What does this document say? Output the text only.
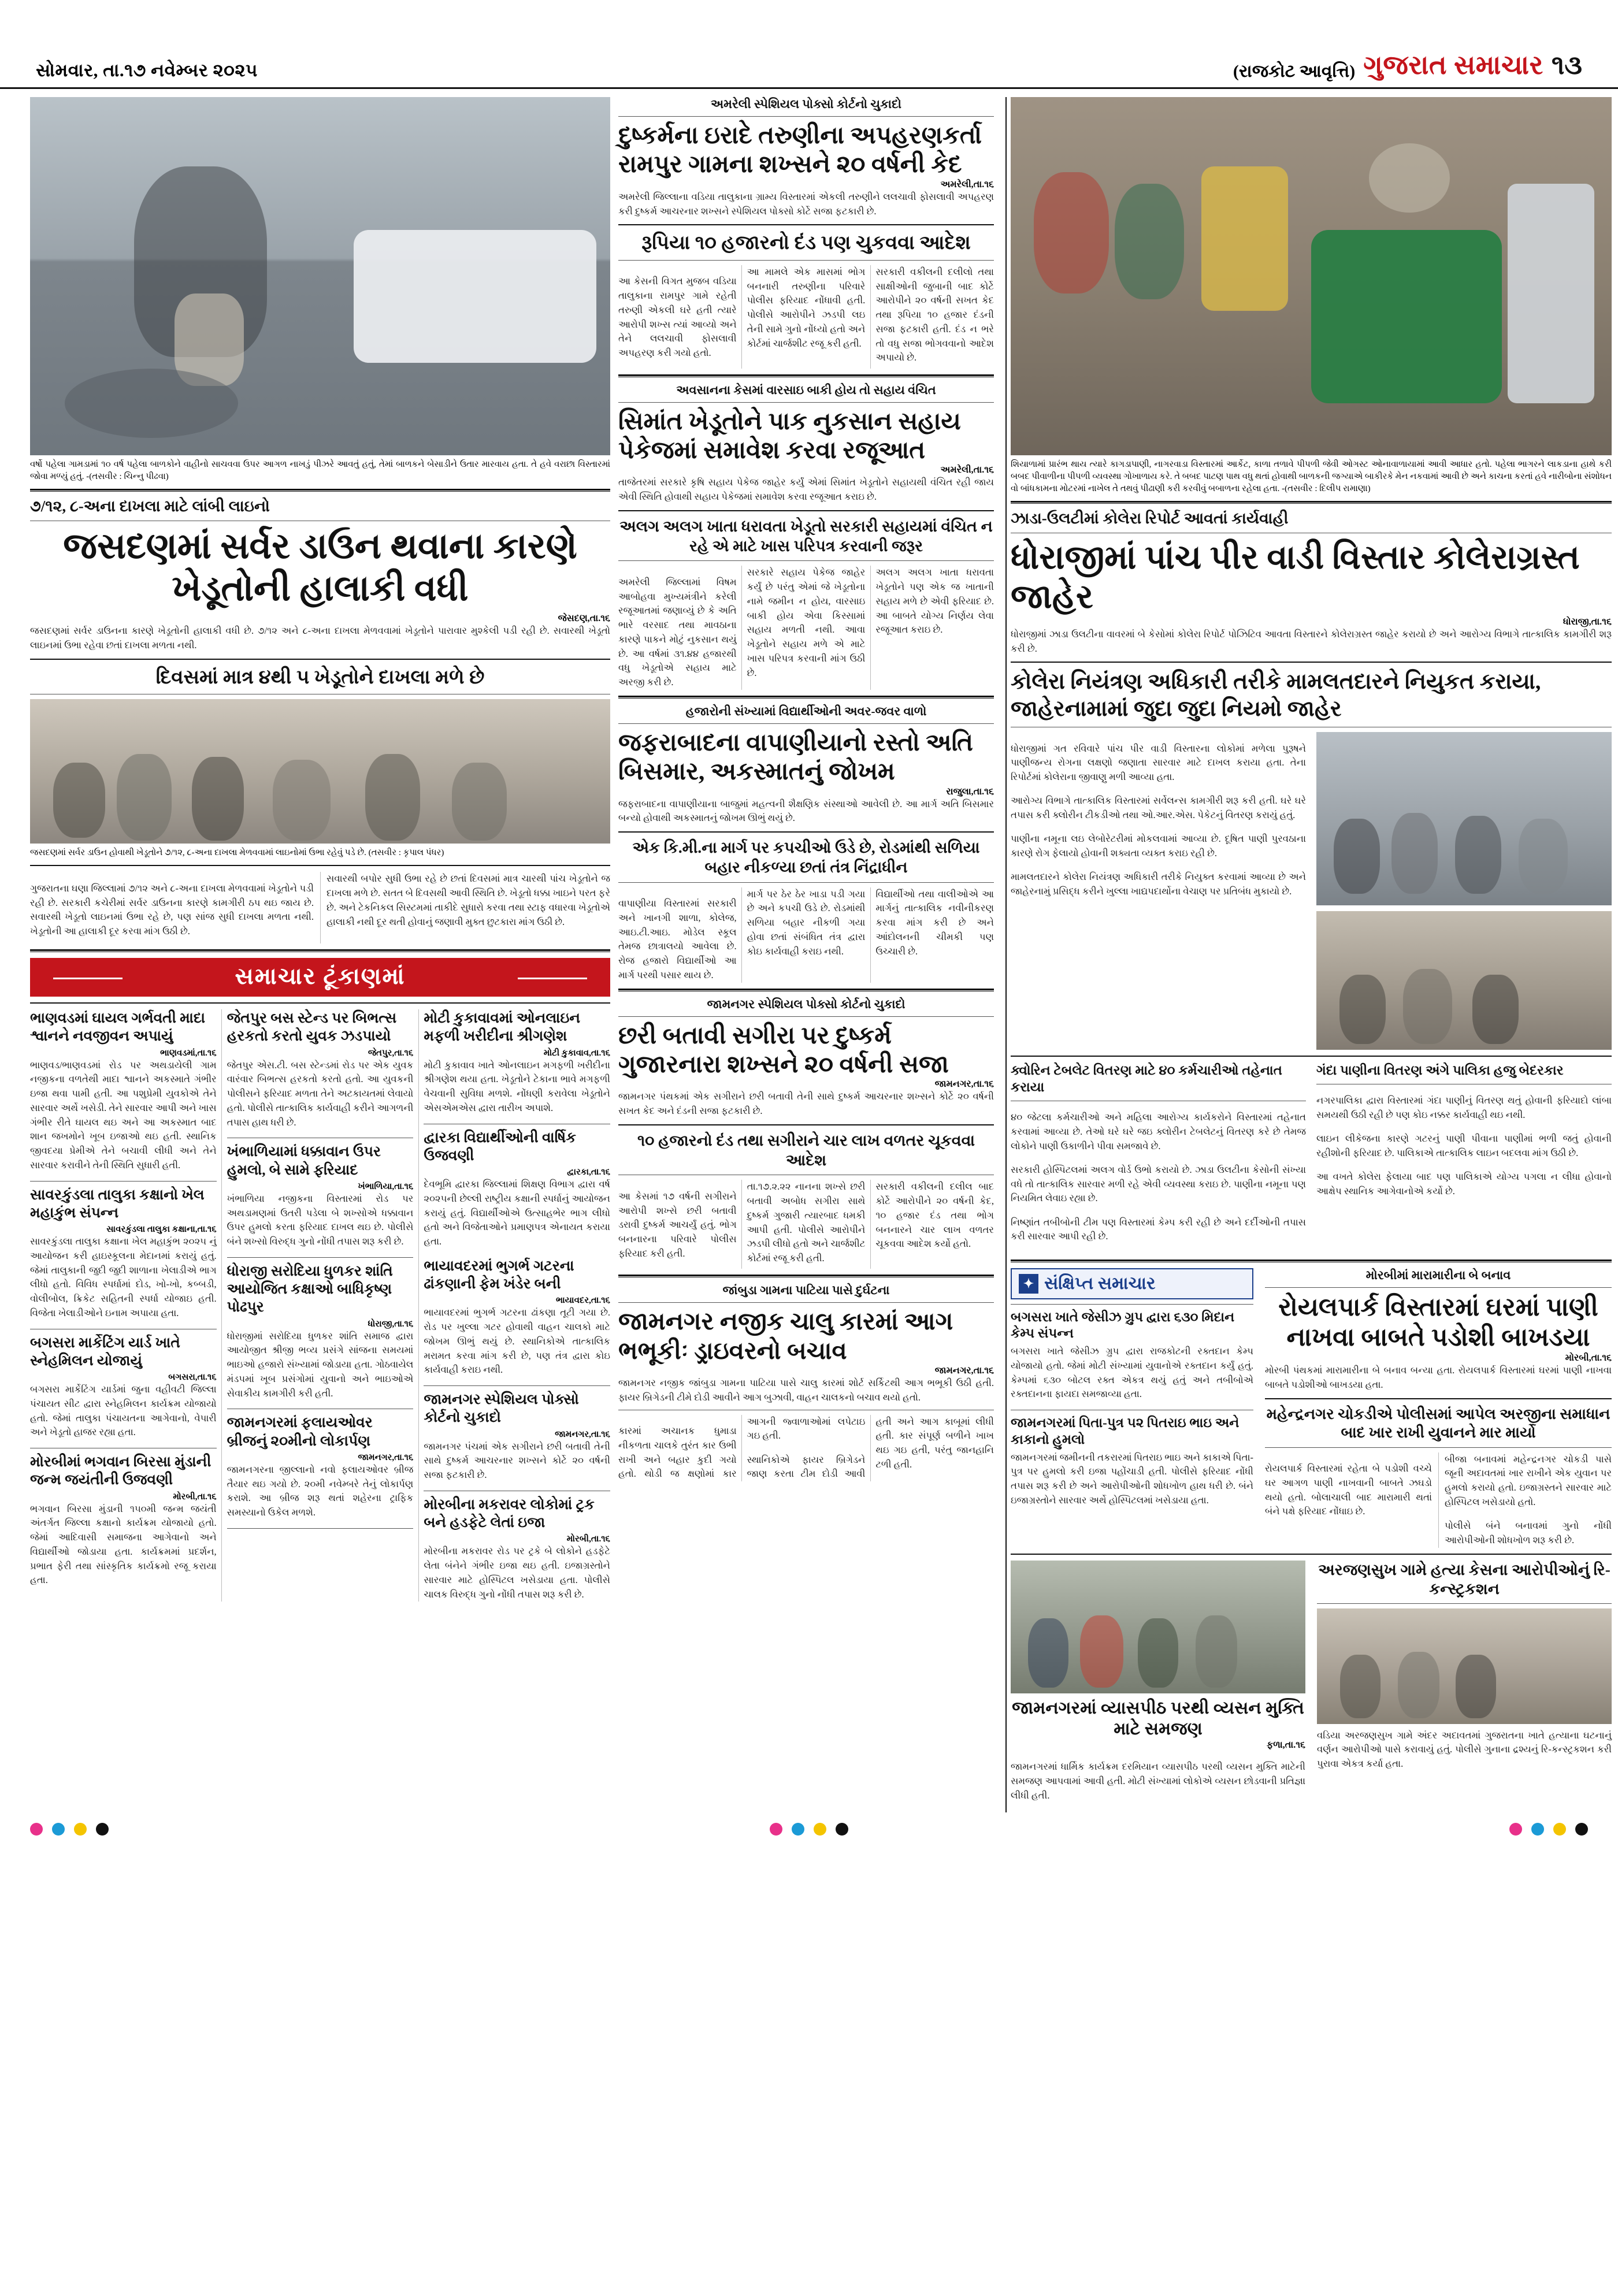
સોમવાર, તા.૧૭ નવેમ્બર ૨૦૨૫	(રાજકોટ આવૃત્તિ) ગુજરાત સમાચાર ૧૩
વર્ષો પહેલા ગામડામાં ૧૦ વર્ષ પહેલા બાળકોને વાહીનો સાચવવા ઉપર આગળ નાખડું પીઝરે આવતું હતું, તેમાં બાળકને બેસાડીને ઉતાર મારવાય હતા. તે હવે વરાછા વિસ્તારમાં જોવા મળ્યું હતું. -(તસવીર : ચિન્નુ પીઢવા)
૭/૧૨, ૮-અના દાખલા માટે લાંબી લાઇનો
જસદણમાં સર્વર ડાઉન થવાના કારણે ખેડૂતોની હાલાકી વધી
જેસદણ,તા.૧૬
જસદણમાં સર્વર ડાઉનના કારણે ખેડૂતોની હાલાકી વધી છે. ૭/૧૨ અને ૮-અના દાખલા મેળવવામાં ખેડૂતોને પારાવાર મુશ્કેલી પડી રહી છે. સવારથી ખેડૂતો લાઇનમાં ઉભા રહેવા છતાં દાખલા મળતા નથી.
દિવસમાં માત્ર ૪થી ૫ ખેડૂતોને દાખલા મળે છે
જસદણમાં સર્વર ડાઉન હોવાથી ખેડૂતોને ૭/૧૨, ૮-અના દાખલા મેળવવામાં લાઇનોમાં ઉભા રહેવું પડે છે. (તસવીર : કૃપાલ પંધર)

ગુજરાતના ઘણા જિલ્લામાં ૭/૧૨ અને ૮-અના દાખલા મેળવવામાં ખેડૂતોને પડી રહી છે. સરકારી કચેરીમાં સર્વર ડાઉનના કારણે કામગીરી ઠપ થઇ જાય છે. સવારથી ખેડૂતો લાઇનમાં ઉભા રહે છે, પણ સાંજ સુધી દાખલા મળતા નથી. ખેડૂતોની આ હાલાકી દૂર કરવા માંગ ઉઠી છે.

સવારથી બપોર સુધી ઉભા રહે છે છતાં દિવસમાં માત્ર ચારથી પાંચ ખેડૂતોને જ દાખલા મળે છે. સતત બે દિવસથી આવી સ્થિતિ છે. ખેડૂતો ધક્કા ખાઇને પરત ફરે છે. અને ટેકનિકલ સિસ્ટમમાં તાકીદે સુધારો કરવા તથા સ્ટાફ વધારવા ખેડૂતોએ હાલાકી નથી દૂર થતી હોવાનું જણાવી મુક્ત છુટકારા માંગ ઉઠી છે.

સમાચાર ટૂંકાણમાં
ભાણવડમાં ઘાયલ ગર્ભવતી માદા શ્વાનને નવજીવન અપાયું
ભાણવડમાં,તા.૧૬
ભાણવડ/ભાણવડમાં રોડ પર અથડાયેલી ગામ નજીકના વળતેથી માદા શ્વાનને અકસ્માતે ગંભીર ઇજા થવા પામી હતી. આ પશુપ્રેમી યુવકોએ તેને સારવાર અર્થે ખસેડી. તેને સારવાર આપી અને ખાસ ગંભીર રીતે ઘાયલ થઇ અને આ અકસ્માત બાદ શાન જખમોને ખૂબ ઇજાઓ થઇ હતી. સ્થાનિક જીવદયા પ્રેમીએ તેને બચાવી લીધી અને તેને સારવાર કરાવીને તેની સ્થિતિ સુધારી હતી.
સાવરકુંડલા તાલુકા કક્ષાનો ખેલ મહાકુંભ સંપન્ન
સાવરકુંડલા તાલુકા કક્ષાના,તા.૧૬
સાવરકુંડલા તાલુકા કક્ષાના ખેલ મહાકુંભ ૨૦૨૫ નું આયોજન કરી હાઇસ્કૂલના મેદાનમાં કરાયું હતું. જેમાં તાલુકાની જુદી જુદી શાળાના ખેલાડીએ ભાગ લીધો હતો. વિવિધ સ્પર્ધામાં દોડ, ખો-ખો, કબ્બડી, વોલીબોલ, ક્રિકેટ સહિતની સ્પર્ધા યોજાઇ હતી. વિજેતા ખેલાડીઓને ઇનામ અપાયા હતા.
બગસરા માર્કેટિંગ યાર્ડ ખાતે સ્નેહમિલન યોજાયું
બગસરા,તા.૧૬
બગસરા માર્કેટિંગ યાર્ડમાં જુના વહીવટી જિલ્લા પંચાયત સીટ દ્વારા સ્નેહમિલન કાર્યક્રમ યોજાયો હતો. જેમાં તાલુકા પંચાયતના આગેવાનો, વેપારી અને ખેડૂતો હાજર રહ્યા હતા.
મોરબીમાં ભગવાન બિરસા મુંડાની જન્મ જયંતીની ઉજવણી
મોરબી,તા.૧૬
ભગવાન બિરસા મુંડાની ૧૫૦મી જન્મ જયંતી અંતર્ગત જિલ્લા કક્ષાનો કાર્યક્રમ યોજાયો હતો. જેમાં આદિવાસી સમાજના આગેવાનો અને વિદ્યાર્થીઓ જોડાયા હતા. કાર્યક્રમમાં પ્રદર્શન, પ્રભાત ફેરી તથા સાંસ્કૃતિક કાર્યક્રમો રજૂ કરાયા હતા.
જેતપુર બસ સ્ટેન્ડ પર બિભત્સ હરકતો કરતો યુવક ઝડપાયો
જેતપુર,તા.૧૬
જેતપુર એસ.ટી. બસ સ્ટેન્ડમાં રોડ પર એક યુવક વારંવાર બિભત્સ હરકતો કરતો હતો. આ યુવકની પોલીસને ફરિયાદ મળતા તેને અટકાયતમાં લેવાયો હતો. પોલીસે તાત્કાલિક કાર્યવાહી કરીને આગળની તપાસ હાથ ધરી છે.
ખંભાળિયામાં ધક્કાવાન ઉપર હુમલો, બે સામે ફરિયાદ
ખંભાળિયા,તા.૧૬
ખંભાળિયા નજીકના વિસ્તારમાં રોડ પર અથડામણમાં ઉતરી પડેલા બે શખ્સોએ ધક્કાવાન ઉપર હુમલો કરતા ફરિયાદ દાખલ થઇ છે. પોલીસે બંને શખ્સો વિરુદ્ધ ગુનો નોંધી તપાસ શરૂ કરી છે.
ધોરાજી સરોદિયા ધુળકર શાંતિ આયોજિત કક્ષાઓ બાધિકૃષ્ણ પોઢપુર
ધોરાજી,તા.૧૬
ધોરાજીમાં સરોદિયા ધુળકર શાંતિ સમાજ દ્વારા આયોજીત શ્રીજી ભવ્ય પ્રસંગે સાંજના સમયમાં ભાઇઓ હજારો સંખ્યામાં જોડાયા હતા. ગોઠવાયેલ મંડપમાં ખૂબ પ્રસંગોમાં યુવાનો અને ભાઇઓએ સેવાકીય કામગીરી કરી હતી.
જામનગરમાં ફલાયઓવર બ્રીજનું ૨૦મીનો લોકાર્પણ
જામનગર,તા.૧૬
જામનગરના જીલ્લાનો નવો ફલાયઓવર બ્રીજ તૈયાર થઇ ગયો છે. ૨૦મી નવેમ્બરે તેનું લોકાર્પણ કરાશે. આ બ્રીજ શરૂ થતાં શહેરના ટ્રાફિક સમસ્યાનો ઉકેલ મળશે.
મોટી કુકાવાવમાં ઓનલાઇન મફળી ખરીદીના શ્રીગણેશ
મોટી કુકાવાવ,તા.૧૬
મોટી કુકાવાવ ખાતે ઓનલાઇન મગફળી ખરીદીના શ્રીગણેશ થયા હતા. ખેડૂતોને ટેકાના ભાવે મગફળી વેચવાની સુવિધા મળશે. નોંધણી કરાવેલા ખેડૂતોને એસએમએસ દ્વારા તારીખ અપાશે.
દ્વારકા વિદ્યાર્થીઓની વાર્ષિક ઉજવણી
દ્વારકા,તા.૧૬
દેવભૂમિ દ્વારકા જિલ્લામાં શિક્ષણ વિભાગ દ્વારા વર્ષ ૨૦૨૫ની છેલ્લી રાષ્ટ્રીય કક્ષાની સ્પર્ધાનું આયોજન કરાયું હતું. વિદ્યાર્થીઓએ ઉત્સાહભેર ભાગ લીધો હતો અને વિજેતાઓને પ્રમાણપત્ર એનાયત કરાયા હતા.
ભાયાવદરમાં ભુગર્ભ ગટરના ઢાંકણાની ફેમ ખંડેર બની
ભાયાવદર,તા.૧૬
ભાયાવદરમાં ભુગર્ભ ગટરના ઢાંકણા તૂટી ગયા છે. રોડ પર ખુલ્લા ગટર હોવાથી વાહન ચાલકો માટે જોખમ ઊભું થયું છે. સ્થાનિકોએ તાત્કાલિક મરામત કરવા માંગ કરી છે, પણ તંત્ર દ્વારા કોઇ કાર્યવાહી કરાઇ નથી.
જામનગર સ્પેશિયલ પોક્સો કોર્ટનો ચુકાદો
જામનગર,તા.૧૬
જામનગર પંચમાં એક સગીરાને છરી બતાવી તેની સાથે દુષ્કર્મ આચરનાર શખ્સને કોર્ટે ૨૦ વર્ષની સજા ફટકારી છે.
મોરબીના મકરાવર લોકોમાં ટ્રક બને હડફેટે લેતાં ઇજા
મોરબી,તા.૧૬
મોરબીના મકરાવર રોડ પર ટ્રકે બે લોકોને હડફેટે લેતા બંનેને ગંભીર ઇજા થઇ હતી. ઇજાગ્રસ્તોને સારવાર માટે હોસ્પિટલ ખસેડાયા હતા. પોલીસે ચાલક વિરુદ્ધ ગુનો નોંધી તપાસ શરૂ કરી છે.
અમરેલી સ્પેશિયલ પોક્સો કોર્ટનો ચુકાદો
દુષ્કર્મના ઇરાદે તરુણીના અપહરણકર્તા રામપુર ગામના શખ્સને ૨૦ વર્ષની કેદ
અમરેલી,તા.૧૬
અમરેલી જિલ્લાના વડિયા તાલુકાના ગ્રામ્ય વિસ્તારમાં એકલી તરુણીને લલચાવી ફોસલાવી અપહરણ કરી દુષ્કર્મ આચરનાર શખ્સને સ્પેશિયલ પોક્સો કોર્ટે સજા ફટકારી છે.
રૂપિયા ૧૦ હજારનો દંડ પણ ચુકવવા આદેશ

આ કેસની વિગત મુજબ વડિયા તાલુકાના રામપુર ગામે રહેતી તરુણી એકલી ઘરે હતી ત્યારે આરોપી શખ્સ ત્યાં આવ્યો અને તેને લલચાવી ફોસલાવી અપહરણ કરી ગયો હતો.

આ મામલે એક માસમાં ભોગ બનનારી તરુણીના પરિવારે પોલીસ ફરિયાદ નોંધાવી હતી. પોલીસે આરોપીને ઝડપી લઇ તેની સામે ગુનો નોંધ્યો હતો અને કોર્ટમાં ચાર્જશીટ રજૂ કરી હતી.

સરકારી વકીલની દલીલો તથા સાક્ષીઓની જુબાની બાદ કોર્ટે આરોપીને ૨૦ વર્ષની સખત કેદ તથા રૂપિયા ૧૦ હજાર દંડની સજા ફટકારી હતી. દંડ ન ભરે તો વધુ સજા ભોગવવાનો આદેશ અપાયો છે.

અવસાનના કેસમાં વારસાઇ બાકી હોય તો સહાય વંચિત
સિમાંત ખેડૂતોને પાક નુકસાન સહાય પેકેજમાં સમાવેશ કરવા રજૂઆત
અમરેલી,તા.૧૬
તાજેતરમાં સરકારે કૃષિ સહાય પેકેજ જાહેર કર્યું એમાં સિમાંત ખેડૂતોને સહાયથી વંચિત રહી જાય એવી સ્થિતિ હોવાથી સહાય પેકેજમાં સમાવેશ કરવા રજૂઆત કરાઇ છે.
અલગ અલગ ખાતા ધરાવતા ખેડૂતો સરકારી સહાયમાં વંચિત ન રહે એ માટે ખાસ પરિપત્ર કરવાની જરૂર

અમરેલી જિલ્લામાં વિષમ આબોહવા મુખ્યમંત્રીને કરેલી રજૂઆતમાં જણાવ્યું છે કે અતિ ભારે વરસાદ તથા માવઠાના કારણે પાકને મોટું નુકસાન થયું છે. આ વર્ષમાં ૩૧.૪૪ હજારથી વધુ ખેડૂતોએ સહાય માટે અરજી કરી છે.

સરકારે સહાય પેકેજ જાહેર કર્યું છે પરંતુ એમાં જે ખેડૂતોના નામે જમીન ન હોય, વારસાઇ બાકી હોય એવા કિસ્સામાં સહાય મળતી નથી. આવા ખેડૂતોને સહાય મળે એ માટે ખાસ પરિપત્ર કરવાની માંગ ઉઠી છે.

અલગ અલગ ખાતા ધરાવતા ખેડૂતોને પણ એક જ ખાતાની સહાય મળે છે એવી ફરિયાદ છે. આ બાબતે યોગ્ય નિર્ણય લેવા રજૂઆત કરાઇ છે.

હજારોની સંખ્યામાં વિદ્યાર્થીઓની અવર-જવર વાળો
જફરાબાદના વાપાણીયાનો રસ્તો અતિ બિસમાર, અકસ્માતનું જોખમ
રાજુલા,તા.૧૬
જફરાબાદના વાપાણીયાના બાજુમાં મહત્વની શૈક્ષણિક સંસ્થાઓ આવેલી છે. આ માર્ગ અતિ બિસમાર બન્યો હોવાથી અકસ્માતનું જોખમ ઊભું થયું છે.
એક કિ.મી.ના માર્ગ પર કપચીઓ ઉડે છે, રોડમાંથી સળિયા બહાર નીકળ્યા છતાં તંત્ર નિંદ્રાધીન

વાપાણીયા વિસ્તારમાં સરકારી અને ખાનગી શાળા, કોલેજ, આઇ.ટી.આઇ. મોડેલ સ્કૂલ તેમજ છાત્રાલયો આવેલા છે. રોજ હજારો વિદ્યાર્થીઓ આ માર્ગ પરથી પસાર થાય છે.

માર્ગ પર ઠેર ઠેર ખાડા પડી ગયા છે અને કપચી ઉડે છે. રોડમાંથી સળિયા બહાર નીકળી ગયા હોવા છતાં સંબંધિત તંત્ર દ્વારા કોઇ કાર્યવાહી કરાઇ નથી.

વિદ્યાર્થીઓ તથા વાલીઓએ આ માર્ગનું તાત્કાલિક નવીનીકરણ કરવા માંગ કરી છે અને આંદોલનની ચીમકી પણ ઉચ્ચારી છે.

જામનગર સ્પેશિયલ પોક્સો કોર્ટનો ચુકાદો
છરી બતાવી સગીરા પર દુષ્કર્મ ગુજારનારા શખ્સને ૨૦ વર્ષની સજા
જામનગર,તા.૧૬
જામનગર પંથકમાં એક સગીરાને છરી બતાવી તેની સાથે દુષ્કર્મ આચરનાર શખ્સને કોર્ટે ૨૦ વર્ષની સખત કેદ અને દંડની સજા ફટકારી છે.
૧૦ હજારનો દંડ તથા સગીરાને ચાર લાખ વળતર ચૂકવવા આદેશ

આ કેસમાં ૧૭ વર્ષની સગીરાને આરોપી શખ્સે છરી બતાવી ડરાવી દુષ્કર્મ આચર્યું હતું. ભોગ બનનારના પરિવારે પોલીસ ફરિયાદ કરી હતી.

તા.૧૭.૨.૨૨ નાનના શખ્સે છરી બતાવી અબોધ સગીરા સાથે દુષ્કર્મ ગુજારી ત્યારબાદ ધમકી આપી હતી. પોલીસે આરોપીને ઝડપી લીધો હતો અને ચાર્જશીટ કોર્ટમાં રજૂ કરી હતી.

સરકારી વકીલની દલીલ બાદ કોર્ટે આરોપીને ૨૦ વર્ષની કેદ, ૧૦ હજાર દંડ તથા ભોગ બનનારને ચાર લાખ વળતર ચૂકવવા આદેશ કર્યો હતો.

જાંબુડા ગામના પાટિયા પાસે દુર્ઘટના
જામનગર નજીક ચાલુ કારમાં આગ ભભૂકીઃ ડ્રાઇવરનો બચાવ
જામનગર,તા.૧૬
જામનગર નજીક જાંબુડા ગામના પાટિયા પાસે ચાલુ કારમાં શોર્ટ સર્કિટથી આગ ભભૂકી ઉઠી હતી. ફાયર બ્રિગેડની ટીમે દોડી આવીને આગ બુઝાવી, વાહન ચાલકનો બચાવ થયો હતો.

કારમાં અચાનક ધુમાડા નીકળતા ચાલકે તુરંત કાર ઉભી રાખી અને બહાર કુદી ગયો હતો. થોડી જ ક્ષણોમાં કાર આગની જ્વાળાઓમાં લપેટાઇ ગઇ હતી.

સ્થાનિકોએ ફાયર બ્રિગેડને જાણ કરતા ટીમ દોડી આવી હતી અને આગ કાબૂમાં લીધી હતી. કાર સંપૂર્ણ બળીને ખાખ થઇ ગઇ હતી, પરંતુ જાનહાનિ ટળી હતી.

શિયાળામાં પ્રારંભ થાય ત્યારે કાગડાપાણી, નાગરવાડા વિસ્તારમાં આર્કેટ, કાળા તળાવે પીપળી જેવી ઓગસ્ટ ઓનાવાળાયામાં આવી આધાર હતો. પહેલા ભાગરને લાકડાના હાથે કરી બબદ પીવાળીના પીપળી વ્યવસ્થા ગોખાળાય કરે. તે બબદ પાટણ પાથ વધુ થતાં હોવાથી બાળકની જગ્યાએ બાકીરકે મેન નકવામાં આવી છે અને કાચના કરતાં હવે નારીબોના સંશોધન વો બાંધકામના મોટરમાં નાખેલ તે તથવું પીઢાણી કરી કરવીવું બબાળના રહેલા હતા. -(તસવીર : દિલીપ રામાણા)
ઝાડા-ઉલટીમાં કોલેરા રિપોર્ટ આવતાં કાર્યવાહી
ધોરાજીમાં પાંચ પીર વાડી વિસ્તાર કોલેરાગ્રસ્ત જાહેર
ધોરાજી,તા.૧૬
ધોરાજીમાં ઝાડા ઉલટીના વાવરમાં બે કેસોમાં કોલેરા રિપોર્ટ પોઝિટિવ આવતા વિસ્તારને કોલેરાગ્રસ્ત જાહેર કરાયો છે અને આરોગ્ય વિભાગે તાત્કાલિક કામગીરી શરૂ કરી છે.
કોલેરા નિયંત્રણ અધિકારી તરીકે મામલતદારને નિયુકત કરાયા, જાહેરનામામાં જુદા જુદા નિયમો જાહેર

ધોરાજીમાં ગત રવિવારે પાંચ પીર વાડી વિસ્તારના લોકોમાં મળેલા પુરૂષને પાણીજન્ય રોગના લક્ષણો જણાતા સારવાર માટે દાખલ કરાયા હતા. તેના રિપોર્ટમાં કોલેરાના જીવાણુ મળી આવ્યા હતા.

આરોગ્ય વિભાગે તાત્કાલિક વિસ્તારમાં સર્વેલન્સ કામગીરી શરૂ કરી હતી. ઘરે ઘરે તપાસ કરી ક્લોરીન ટીકડીઓ તથા ઓ.આર.એસ. પેકેટનું વિતરણ કરાયું હતું.

પાણીના નમૂના લઇ લેબોરેટરીમાં મોકલવામાં આવ્યા છે. દૂષિત પાણી પુરવઠાના કારણે રોગ ફેલાયો હોવાની શક્યતા વ્યક્ત કરાઇ રહી છે.

મામલતદારને કોલેરા નિયંત્રણ અધિકારી તરીકે નિયુક્ત કરવામાં આવ્યા છે અને જાહેરનામું પ્રસિદ્ધ કરીને ખુલ્લા ખાદ્યપદાર્થોના વેચાણ પર પ્રતિબંધ મુકાયો છે.

ક્વોરિન ટેબલેટ વિતરણ માટે ૪૦ કર્મચારીઓ તહેનાત કરાયા

૪૦ જેટલા કર્મચારીઓ અને મહિલા આરોગ્ય કાર્યકરોને વિસ્તારમાં તહેનાત કરવામાં આવ્યા છે. તેઓ ઘરે ઘરે જઇ ક્લોરીન ટેબલેટનું વિતરણ કરે છે તેમજ લોકોને પાણી ઉકાળીને પીવા સમજાવે છે.

સરકારી હોસ્પિટલમાં અલગ વોર્ડ ઉભો કરાયો છે. ઝાડા ઉલટીના કેસોની સંખ્યા વધે તો તાત્કાલિક સારવાર મળી રહે એવી વ્યવસ્થા કરાઇ છે. પાણીના નમૂના પણ નિયમિત લેવાઇ રહ્યા છે.

નિષ્ણાંત તબીબોની ટીમ પણ વિસ્તારમાં કેમ્પ કરી રહી છે અને દર્દીઓની તપાસ કરી સારવાર આપી રહી છે.

ગંદા પાણીના વિતરણ અંગે પાલિકા હજુ બેદરકાર

નગરપાલિકા દ્વારા વિસ્તારમાં ગંદા પાણીનું વિતરણ થતું હોવાની ફરિયાદો લાંબા સમયથી ઉઠી રહી છે પણ કોઇ નક્કર કાર્યવાહી થઇ નથી.

લાઇન લીકેજના કારણે ગટરનું પાણી પીવાના પાણીમાં ભળી જતું હોવાની રહીશોની ફરિયાદ છે. પાલિકાએ તાત્કાલિક લાઇન બદલવા માંગ ઉઠી છે.

આ વખતે કોલેરા ફેલાયા બાદ પણ પાલિકાએ યોગ્ય પગલા ન લીધા હોવાનો આક્ષેપ સ્થાનિક આગેવાનોએ કર્યો છે.

✦ સંક્ષિપ્ત સમાચાર
બગસરા ખાતે જેસીઝ ગ્રુપ દ્વારા ૬૩૦ મિદાન કેમ્પ સંપન્ન
બગસરા ખાતે જેસીઝ ગ્રુપ દ્વારા રાજકોટની રક્તદાન કેમ્પ યોજાયો હતો. જેમાં મોટી સંખ્યામાં યુવાનોએ રક્તદાન કર્યું હતું. કેમ્પમાં ૬૩૦ બોટલ રક્ત એકત્ર થયું હતું અને તબીબોએ રક્તદાનના ફાયદા સમજાવ્યા હતા.
જામનગરમાં પિતા-પુત્ર ૫૨ પિતરાઇ ભાઇ અને કાકાનો હુમલો
જામનગરમાં જમીનની તકરારમાં પિતરાઇ ભાઇ અને કાકાએ પિતા-પુત્ર પર હુમલો કરી ઇજા પહોંચાડી હતી. પોલીસે ફરિયાદ નોંધી તપાસ શરૂ કરી છે અને આરોપીઓની શોધખોળ હાથ ધરી છે. બંને ઇજાગ્રસ્તોને સારવાર અર્થે હોસ્પિટલમાં ખસેડાયા હતા.
મોરબીમાં મારામારીના બે બનાવ
રોયલપાર્ક વિસ્તારમાં ઘરમાં પાણી નાખવા બાબતે પડોશી બાખડયા
મોરબી,તા.૧૬
મોરબી પંથકમાં મારામારીના બે બનાવ બન્યા હતા. રોયલપાર્ક વિસ્તારમાં ઘરમાં પાણી નાખવા બાબતે પડોશીઓ બાખડયા હતા.
મહેન્દ્રનગર ચોકડીએ પોલીસમાં આપેલ અરજીના સમાધાન બાદ ખાર રાખી યુવાનને માર માર્યો

રોયલપાર્ક વિસ્તારમાં રહેતા બે પડોશી વચ્ચે ઘર આગળ પાણી નાખવાની બાબતે ઝઘડો થયો હતો. બોલાચાલી બાદ મારામારી થતાં બંને પક્ષે ફરિયાદ નોંધાઇ છે.

બીજા બનાવમાં મહેન્દ્રનગર ચોકડી પાસે જૂની અદાવતમાં ખાર રાખીને એક યુવાન પર હુમલો કરાયો હતો. ઇજાગ્રસ્તને સારવાર માટે હોસ્પિટલ ખસેડાયો હતો.

પોલીસે બંને બનાવમાં ગુનો નોંધી આરોપીઓની શોધખોળ શરૂ કરી છે.

જામનગરમાં વ્યાસપીઠ પરથી વ્યસન મુક્તિ માટે સમજણ
ફળા,તા.૧૬

જામનગરમાં ધાર્મિક કાર્યક્રમ દરમિયાન વ્યાસપીઠ પરથી વ્યસન મુક્તિ માટેની સમજણ આપવામાં આવી હતી. મોટી સંખ્યામાં લોકોએ વ્યસન છોડવાની પ્રતિજ્ઞા લીધી હતી.

અરજણસુખ ગામે હત્યા કેસના આરોપીઓનું રિ-કન્સ્ટ્રકશન

વડિયા અરજણસુખ ગામે અંદર અદાવતમાં ગુજરાતના ખાતે હત્યાના ઘટનાનું વર્ણન આરોપીઓ પાસે કરાવાયું હતું. પોલીસે ગુનાના દ્રશ્યનું રિ-કન્સ્ટ્રકશન કરી પુરાવા એકત્ર કર્યા હતા.
